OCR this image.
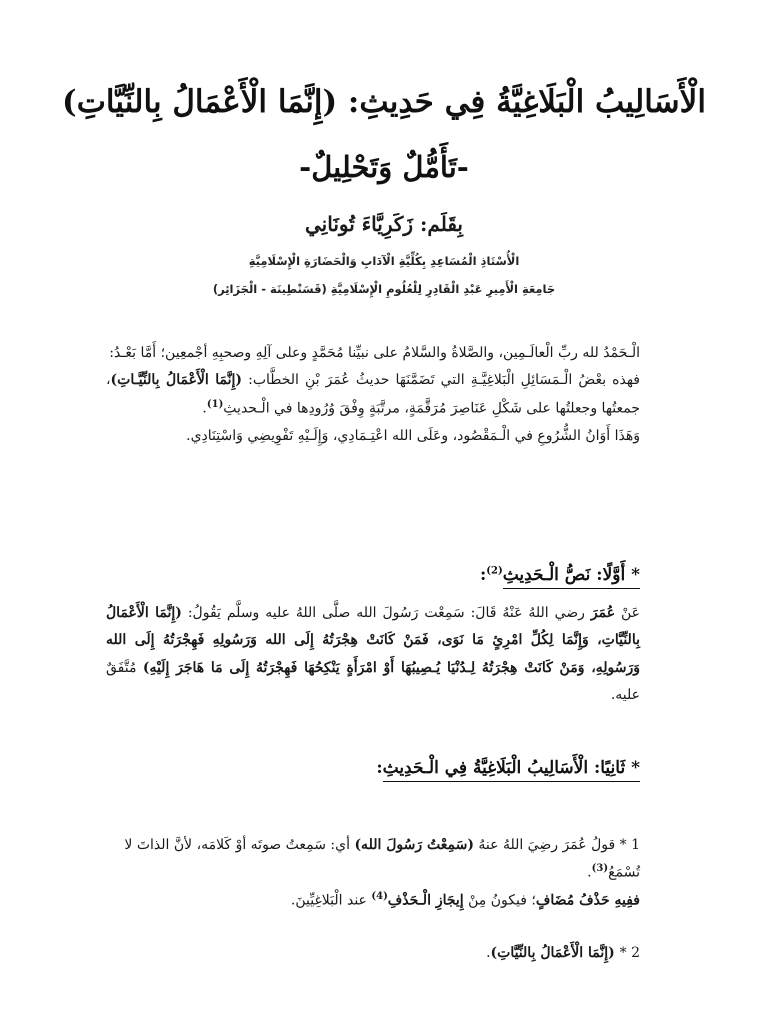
الْأَسَالِيبُ الْبَلَاغِيَّةُ فِي حَدِيثِ: (إِنَّمَا الْأَعْمَالُ بِالنِّيَّاتِ)
-تَأَمُّلٌ وَتَحْلِيلٌ-
بِقَلَم: زَكَرِيَّاءَ تُونَانِي
الْأُسْتَاذِ الْمُسَاعِدِ بِكُلِّيَّةِ الْآدَابِ وَالْحَضَارَةِ الْإِسْلَامِيَّةِ
جَامِعَةِ الْأَمِيرِ عَبْدِ الْقَادِرِ لِلْعُلُومِ الْإِسْلَامِيَّةِ (قَسَنْطِينَة - الْجَزَائِر)
الْـحَمْدُ لله ربِّ الْعالَـمِين، والصَّلاةُ والسَّلامُ على نبيِّنا مُحَمَّدٍ وعلى آلِهِ وصحبِهِ أجْمعِين؛ أَمَّا بَعْـدُ:
فهذه بعْضُ الْـمَسَائِلِ الْبَلاغِيَّـةِ التي تَضَمَّنَهَا حديثُ عُمَرَ بْنِ الخطَّاب: (إِنَّمَا الْأَعْمَالُ بِالنِّيَّـاتِ)، جمعتُها وجعلتُها على شَكْلِ عَنَاصِرَ مُرَقَّمَةٍ، مرتَّبَةٍ وِفْقَ وُرُودِها في الْـحديثِ$^{(1)}$.
وَهَذَا أَوَانُ الشُّرُوعِ في الْـمَقْصُود، وعَلَى الله اعْتِـمَادِي، وَإِلَـيْهِ تَفْوِيضِي وَاسْتِنَادِي.
* أَوَّلًا: نَصُّ الْـحَدِيثِ$^{(2)}$:
عَنْ عُمَرَ رضي اللهُ عَنْهُ قَالَ: سَمِعْت رَسُولَ الله صلَّى اللهُ عليه وسلَّم يَقُولُ: (إِنَّمَا الْأَعْمَالُ بِالنِّيَّاتِ، وَإِنَّمَا لِكُلِّ امْرِئٍ مَا نَوَى، فَمَنْ كَانَتْ هِجْرَتُهُ إِلَى الله وَرَسُولِهِ فَهِجْرَتُهُ إِلَى الله وَرَسُولِهِ، وَمَنْ كَانَتْ هِجْرَتُهُ لِـدُنْيَا يُـصِيبُهَا أَوْ امْرَأَةٍ يَنْكِحُهَا فَهِجْرَتُهُ إِلَى مَا هَاجَرَ إِلَيْهِ) مُتَّفَقٌ عليه.
* ثَانِيًا: الْأَسَالِيبُ الْبَلَاغِيَّةُ فِي الْـحَدِيثِ:
1 * قولُ عُمَرَ رضِيَ اللهُ عنهُ (سَمِعْتُ رَسُولَ الله) أي: سَمِعتُ صوتَه أوْ كَلامَه، لأنَّ الذاتَ لا تُسْمَعُ$^{(3)}$.
ففِيهِ حَذْفُ مُضَافٍ؛ فيكونُ مِنْ إِيجَازِ الْـحَذْفِ$^{(4)}$ عند الْبَلاغِيِّينَ.
2 * (إِنَّمَا الْأَعْمَالُ بِالنِّيَّاتِ).
